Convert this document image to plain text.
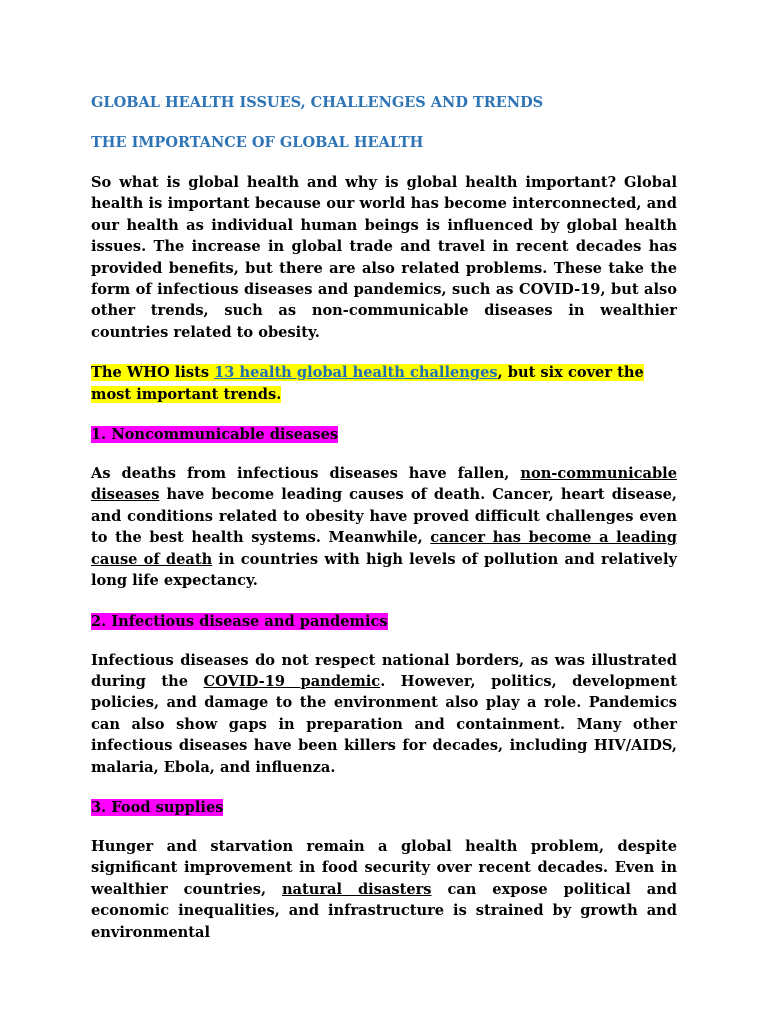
GLOBAL HEALTH ISSUES, CHALLENGES AND TRENDS
THE IMPORTANCE OF GLOBAL HEALTH

So what is global health and why is global health important? Global health is important because our world has become interconnected, and our health as individual human beings is influenced by global health issues. The increase in global trade and travel in recent decades has provided benefits, but there are also related problems. These take the form of infectious diseases and pandemics, such as COVID-19, but also other trends, such as non-communicable diseases in wealthier countries related to obesity.

The WHO lists 13 health global health challenges, but six cover the most important trends.

1. Noncommunicable diseases

As deaths from infectious diseases have fallen, non-communicable diseases have become leading causes of death. Cancer, heart disease, and conditions related to obesity have proved difficult challenges even to the best health systems. Meanwhile, cancer has become a leading cause of death in countries with high levels of pollution and relatively long life expectancy.

2. Infectious disease and pandemics

Infectious diseases do not respect national borders, as was illustrated during the COVID-19 pandemic. However, politics, development policies, and damage to the environment also play a role. Pandemics can also show gaps in preparation and containment. Many other infectious diseases have been killers for decades, including HIV/AIDS, malaria, Ebola, and influenza.

3. Food supplies

Hunger and starvation remain a global health problem, despite significant improvement in food security over recent decades. Even in wealthier countries, natural disasters can expose political and economic inequalities, and infrastructure is strained by growth and environmental
